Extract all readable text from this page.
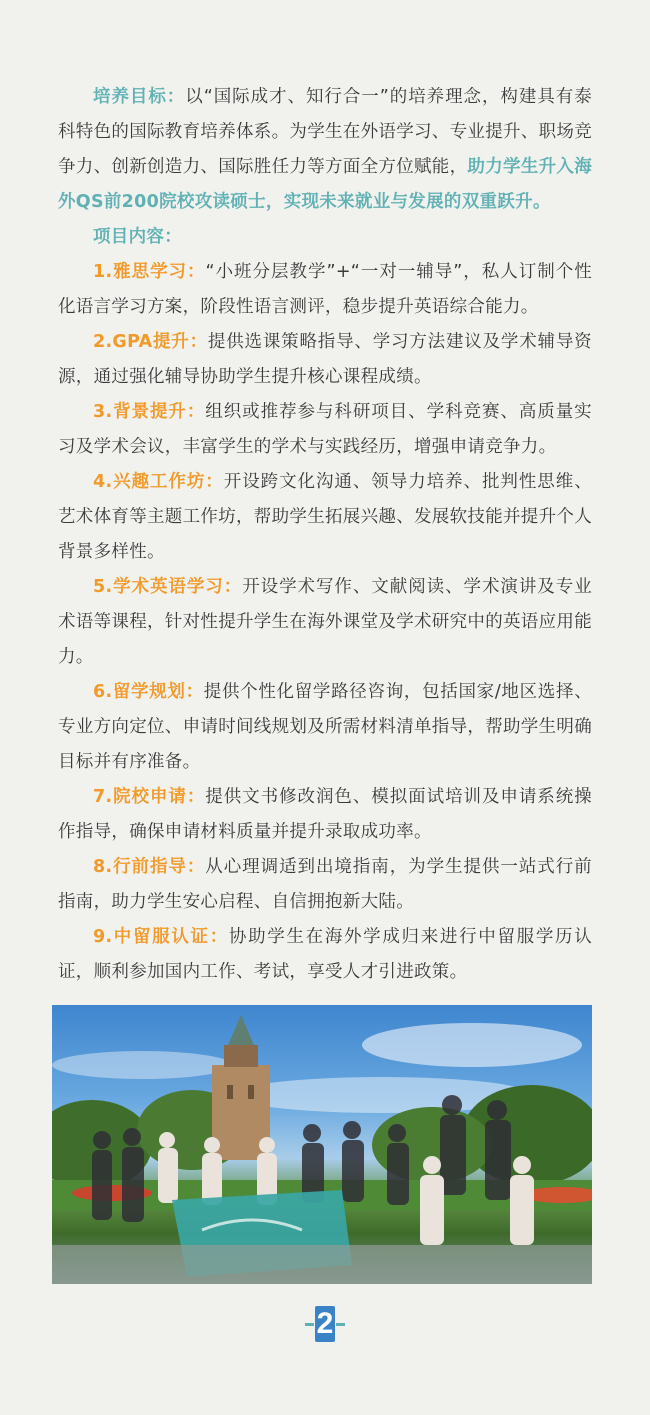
培养目标：以“国际成才、知行合一”的培养理念，构建具有泰科特色的国际教育培养体系。为学生在外语学习、专业提升、职场竞争力、创新创造力、国际胜任力等方面全方位赋能，助力学生升入海外QS前200院校攻读硕士，实现未来就业与发展的双重跃升。

项目内容：

1.雅思学习：“小班分层教学”+“一对一辅导”，私人订制个性化语言学习方案，阶段性语言测评，稳步提升英语综合能力。

2.GPA提升：提供选课策略指导、学习方法建议及学术辅导资源，通过强化辅导协助学生提升核心课程成绩。

3.背景提升：组织或推荐参与科研项目、学科竞赛、高质量实习及学术会议，丰富学生的学术与实践经历，增强申请竞争力。

4.兴趣工作坊：开设跨文化沟通、领导力培养、批判性思维、艺术体育等主题工作坊，帮助学生拓展兴趣、发展软技能并提升个人背景多样性。

5.学术英语学习：开设学术写作、文献阅读、学术演讲及专业术语等课程，针对性提升学生在海外课堂及学术研究中的英语应用能力。

6.留学规划：提供个性化留学路径咨询，包括国家/地区选择、专业方向定位、申请时间线规划及所需材料清单指导，帮助学生明确目标并有序准备。

7.院校申请：提供文书修改润色、模拟面试培训及申请系统操作指导，确保申请材料质量并提升录取成功率。

8.行前指导：从心理调适到出境指南，为学生提供一站式行前指南，助力学生安心启程、自信拥抱新大陆。

9.中留服认证：协助学生在海外学成归来进行中留服学历认证，顺利参加国内工作、考试，享受人才引进政策。

2
